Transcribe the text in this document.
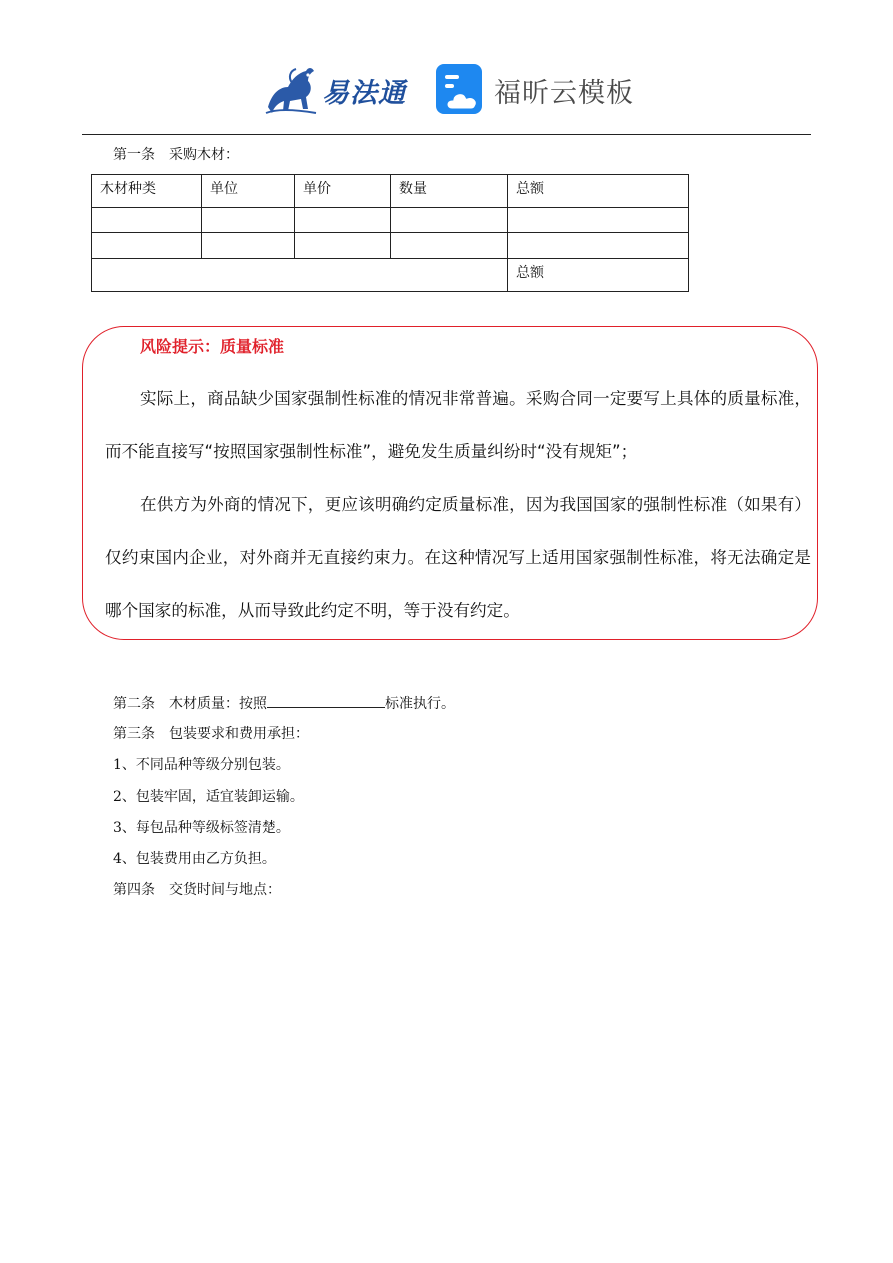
易法通	福昕云模板
第一条　采购木材：
木材种类	单位	单价	数量	总额

				总额
风险提示：质量标准

实际上，商品缺少国家强制性标准的情况非常普遍。采购合同一定要写上具体的质量标准，而不能直接写“按照国家强制性标准”，避免发生质量纠纷时“没有规矩”；

在供方为外商的情况下，更应该明确约定质量标准，因为我国国家的强制性标准（如果有）仅约束国内企业，对外商并无直接约束力。在这种情况写上适用国家强制性标准，将无法确定是哪个国家的标准，从而导致此约定不明，等于没有约定。

第二条　木材质量：按照	标准执行。
第三条　包装要求和费用承担：
1、不同品种等级分别包装。
2、包装牢固，适宜装卸运输。
3、每包品种等级标签清楚。
4、包装费用由乙方负担。
第四条　交货时间与地点：
